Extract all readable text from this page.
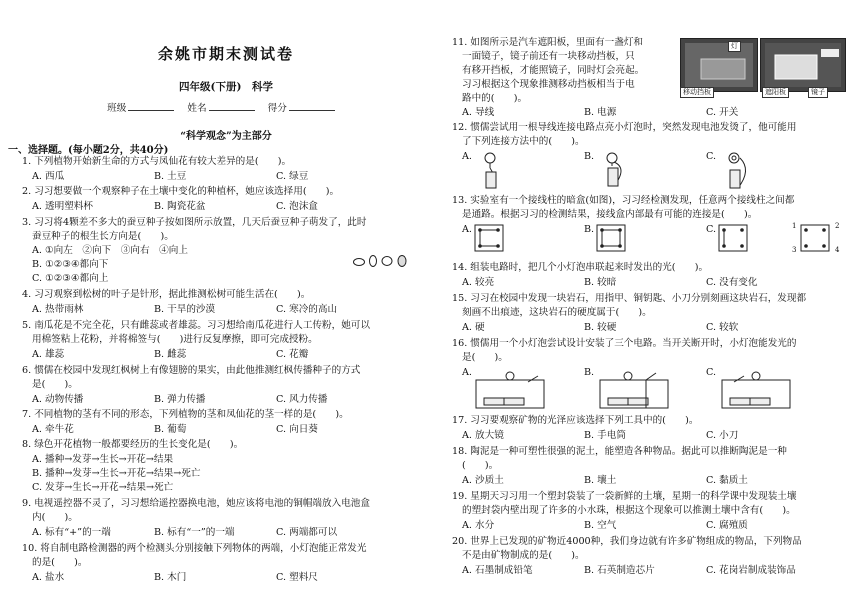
余姚市期末测试卷
四年级(下册)　科学
班级	姓名	得分
“科学观念”为主部分
一、选择题。(每小题2分，共40分)
1. 下列植物开始新生命的方式与凤仙花有较大差异的是(　　)。
A. 西瓜	B. 土豆	C. 绿豆
2. 习习想要做一个观察种子在土壤中变化的种植杯，她应该选择用(　　)。
A. 透明塑料杯	B. 陶瓷花盆	C. 泡沫盒
3. 习习将4颗差不多大的蚕豆种子按如图所示放置，几天后蚕豆种子萌发了，此时
蚕豆种子的根生长方向是(　　)。
A. ①向左　②向下　③向右　④向上
B. ①②③④都向下
C. ①②③④都向上
4. 习习观察到松树的叶子是针形，据此推测松树可能生活在(　　)。
A. 热带雨林	B. 干旱的沙漠	C. 寒冷的高山
5. 南瓜花是不完全花，只有雌蕊或者雄蕊。习习想给南瓜花进行人工传粉，她可以
用棉签粘上花粉，并将棉签与(　　)进行反复摩擦，即可完成授粉。
A. 雄蕊	B. 雌蕊	C. 花瓣
6. 惯儒在校园中发现红枫树上有像翅膀的果实，由此他推测红枫传播种子的方式
是(　　)。
A. 动物传播	B. 弹力传播	C. 风力传播
7. 不同植物的茎有不同的形态，下列植物的茎和凤仙花的茎一样的是(　　)。
A. 牵牛花	B. 葡萄	C. 向日葵
8. 绿色开花植物一般都要经历的生长变化是(　　)。
A. 播种→发芽→生长→开花→结果
B. 播种→发芽→生长→开花→结果→死亡
C. 发芽→生长→开花→结果→死亡
9. 电视遥控器不灵了，习习想给遥控器换电池，她应该将电池的铜帽端放入电池盒
内(　　)。
A. 标有“+”的一端	B. 标有“一”的一端	C. 两端都可以
10. 将自制电路检测器的两个检测头分别接触下列物体的两端，小灯泡能正常发光
的是(　　)。
A. 盐水	B. 木门	C. 塑料尺
11. 如图所示是汽车遮阳板，里面有一盏灯和
一面镜子，镜子前还有一块移动挡板，只
有移开挡板，才能照镜子，同时灯会亮起。
习习根据这个现象推测移动挡板相当于电
路中的(　　)。
灯
移动挡板	遮阳板	镜子
A. 导线	B. 电源	C. 开关
12. 惯儒尝试用一根导线连接电路点亮小灯泡时，突然发现电池发烫了，他可能用
了下列连接方法中的(　　)。
A.	B.	C.
13. 实验室有一个接线柱的暗盒(如图)，习习经检测发现，任意两个接线柱之间都
是通路。根据习习的检测结果，接线盒内部最有可能的连接是(　　)。
A.	B.	C.	1	2
3	4
14. 组装电路时，把几个小灯泡串联起来时发出的光(　　)。
A. 较亮	B. 较暗	C. 没有变化
15. 习习在校园中发现一块岩石，用指甲、铜钥匙、小刀分别刻画这块岩石，发现都
刻画不出痕迹，这块岩石的硬度属于(　　)。
A. 硬	B. 较硬	C. 较软
16. 惯儒用一个小灯泡尝试设计安装了三个电路。当开关断开时，小灯泡能发光的
是(　　)。
A.	B.	C.
17. 习习要观察矿物的光泽应该选择下列工具中的(　　)。
A. 放大镜	B. 手电筒	C. 小刀
18. 陶泥是一种可塑性很强的泥土，能塑造各种物品。据此可以推断陶泥是一种
(　　)。
A. 沙质土	B. 壤土	C. 黏质土
19. 星期天习习用一个塑封袋装了一袋新鲜的土壤，星期一的科学课中发现装土壤
的塑封袋内壁出现了许多的小水珠，根据这个现象可以推测土壤中含有(　　)。
A. 水分	B. 空气	C. 腐殖质
20. 世界上已发现的矿物近4000种，我们身边就有许多矿物组成的物品，下列物品
不是由矿物制成的是(　　)。
A. 石墨制成铅笔	B. 石英制造芯片	C. 花岗岩制成装饰品
